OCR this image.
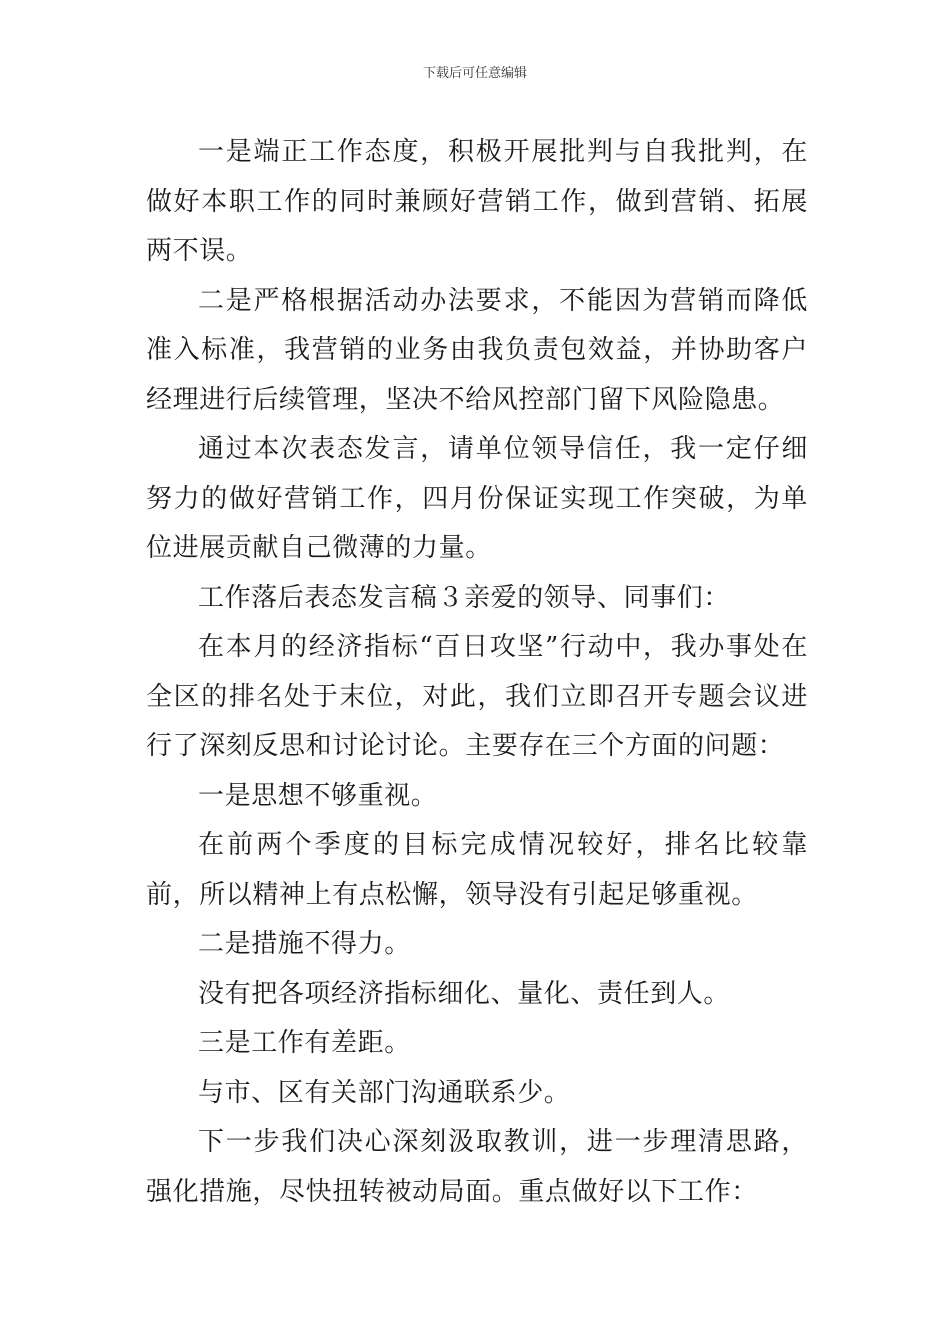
下载后可任意编辑

一是端正工作态度，积极开展批判与自我批判，在做好本职工作的同时兼顾好营销工作，做到营销、拓展两不误。

二是严格根据活动办法要求，不能因为营销而降低准入标准，我营销的业务由我负责包效益，并协助客户经理进行后续管理，坚决不给风控部门留下风险隐患。

通过本次表态发言，请单位领导信任，我一定仔细努力的做好营销工作，四月份保证实现工作突破，为单位进展贡献自己微薄的力量。

工作落后表态发言稿３亲爱的领导、同事们：

在本月的经济指标“百日攻坚”行动中，我办事处在全区的排名处于末位，对此，我们立即召开专题会议进行了深刻反思和讨论讨论。主要存在三个方面的问题：

一是思想不够重视。

在前两个季度的目标完成情况较好，排名比较靠前，所以精神上有点松懈，领导没有引起足够重视。

二是措施不得力。

没有把各项经济指标细化、量化、责任到人。

三是工作有差距。

与市、区有关部门沟通联系少。

下一步我们决心深刻汲取教训，进一步理清思路，强化措施，尽快扭转被动局面。重点做好以下工作：
